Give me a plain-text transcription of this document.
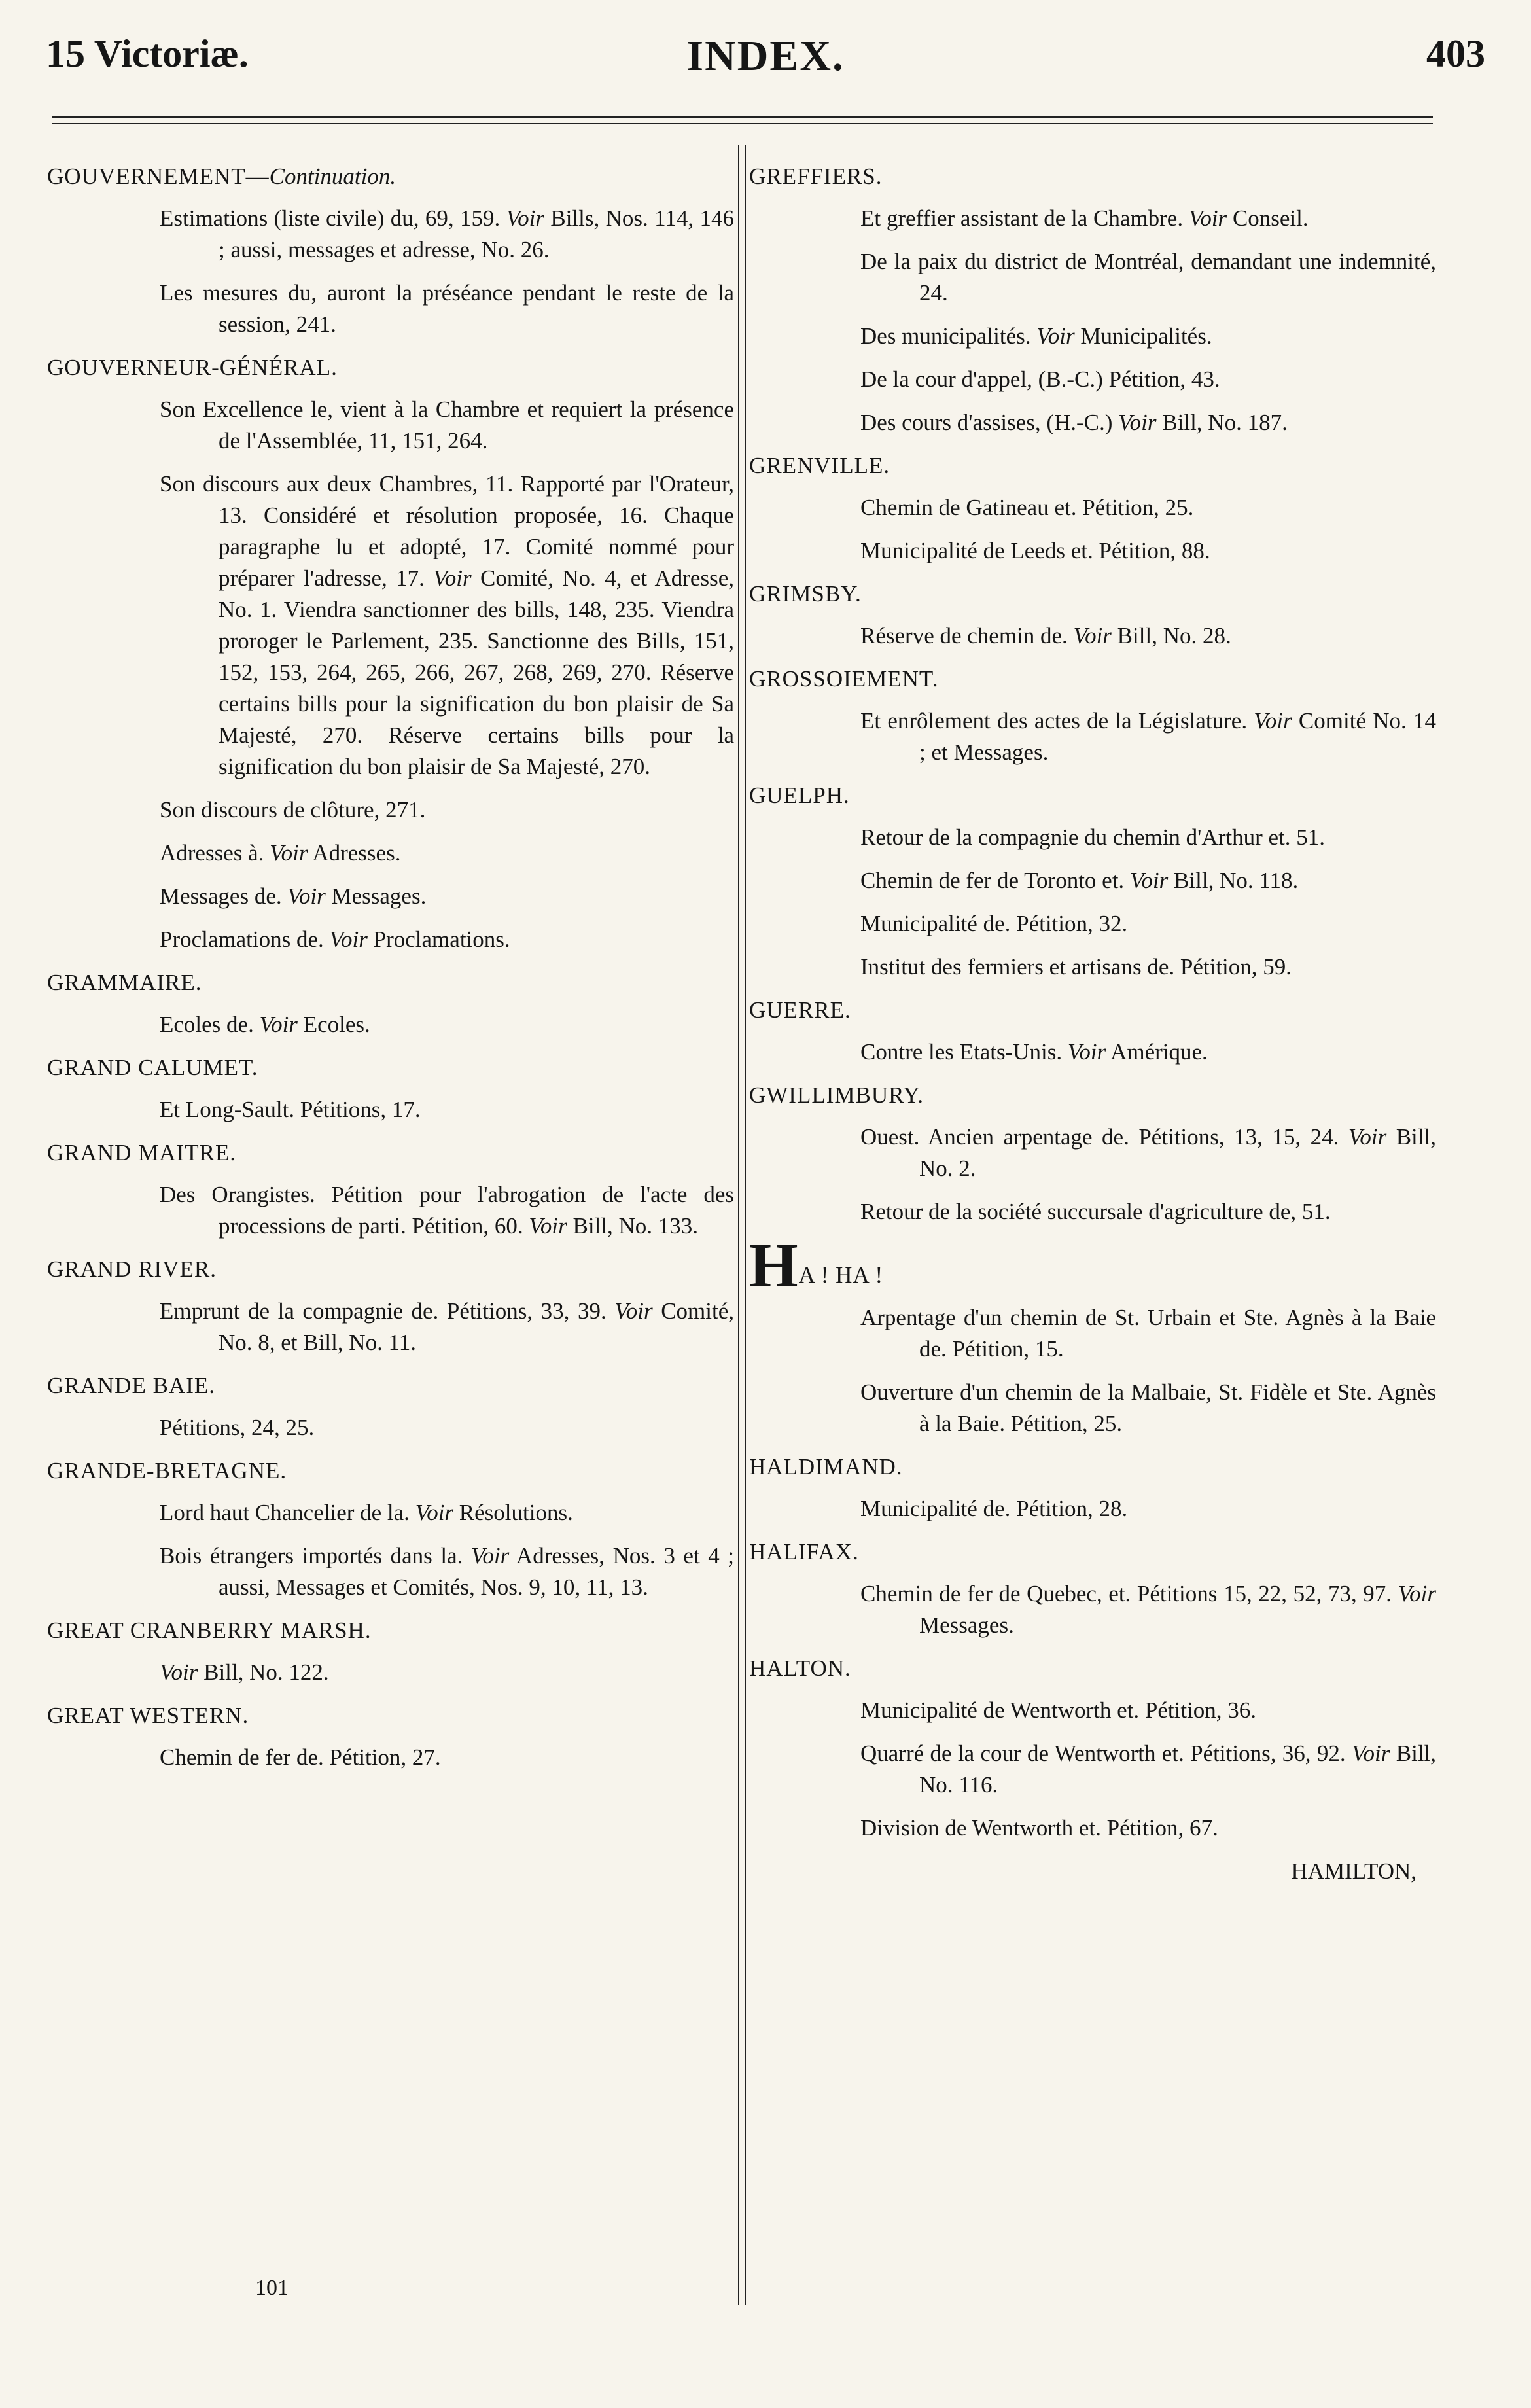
15 Victoriæ.	INDEX.	403
GOUVERNEMENT—Continuation.
Estimations (liste civile) du, 69, 159. Voir Bills, Nos. 114, 146 ; aussi, messages et adresse, No. 26.
Les mesures du, auront la préséance pendant le reste de la session, 241.
GOUVERNEUR-GÉNÉRAL.
Son Excellence le, vient à la Chambre et requiert la présence de l'Assemblée, 11, 151, 264.
Son discours aux deux Chambres, 11. Rapporté par l'Orateur, 13. Considéré et résolution proposée, 16. Chaque paragraphe lu et adopté, 17. Comité nommé pour préparer l'adresse, 17. Voir Comité, No. 4, et Adresse, No. 1. Viendra sanctionner des bills, 148, 235. Viendra proroger le Parlement, 235. Sanctionne des Bills, 151, 152, 153, 264, 265, 266, 267, 268, 269, 270. Réserve certains bills pour la signification du bon plaisir de Sa Majesté, 270. Réserve certains bills pour la signification du bon plaisir de Sa Majesté, 270.
Son discours de clôture, 271.
Adresses à. Voir Adresses.
Messages de. Voir Messages.
Proclamations de. Voir Proclamations.
GRAMMAIRE.
Ecoles de. Voir Ecoles.
GRAND CALUMET.
Et Long-Sault. Pétitions, 17.
GRAND MAITRE.
Des Orangistes. Pétition pour l'abrogation de l'acte des processions de parti. Pétition, 60. Voir Bill, No. 133.
GRAND RIVER.
Emprunt de la compagnie de. Pétitions, 33, 39. Voir Comité, No. 8, et Bill, No. 11.
GRANDE BAIE.
Pétitions, 24, 25.
GRANDE-BRETAGNE.
Lord haut Chancelier de la. Voir Résolutions.
Bois étrangers importés dans la. Voir Adresses, Nos. 3 et 4 ; aussi, Messages et Comités, Nos. 9, 10, 11, 13.
GREAT CRANBERRY MARSH.
Voir Bill, No. 122.
GREAT WESTERN.
Chemin de fer de. Pétition, 27.
GREFFIERS.
Et greffier assistant de la Chambre. Voir Conseil.
De la paix du district de Montréal, demandant une indemnité, 24.
Des municipalités. Voir Municipalités.
De la cour d'appel, (B.-C.) Pétition, 43.
Des cours d'assises, (H.-C.) Voir Bill, No. 187.
GRENVILLE.
Chemin de Gatineau et. Pétition, 25.
Municipalité de Leeds et. Pétition, 88.
GRIMSBY.
Réserve de chemin de. Voir Bill, No. 28.
GROSSOIEMENT.
Et enrôlement des actes de la Législature. Voir Comité No. 14 ; et Messages.
GUELPH.
Retour de la compagnie du chemin d'Arthur et. 51.
Chemin de fer de Toronto et. Voir Bill, No. 118.
Municipalité de. Pétition, 32.
Institut des fermiers et artisans de. Pétition, 59.
GUERRE.
Contre les Etats-Unis. Voir Amérique.
GWILLIMBURY.
Ouest. Ancien arpentage de. Pétitions, 13, 15, 24. Voir Bill, No. 2.
Retour de la société succursale d'agriculture de, 51.
HA ! HA !
Arpentage d'un chemin de St. Urbain et Ste. Agnès à la Baie de. Pétition, 15.
Ouverture d'un chemin de la Malbaie, St. Fidèle et Ste. Agnès à la Baie. Pétition, 25.
HALDIMAND.
Municipalité de. Pétition, 28.
HALIFAX.
Chemin de fer de Quebec, et. Pétitions 15, 22, 52, 73, 97. Voir Messages.
HALTON.
Municipalité de Wentworth et. Pétition, 36.
Quarré de la cour de Wentworth et. Pétitions, 36, 92. Voir Bill, No. 116.
Division de Wentworth et. Pétition, 67.
HAMILTON,
101
